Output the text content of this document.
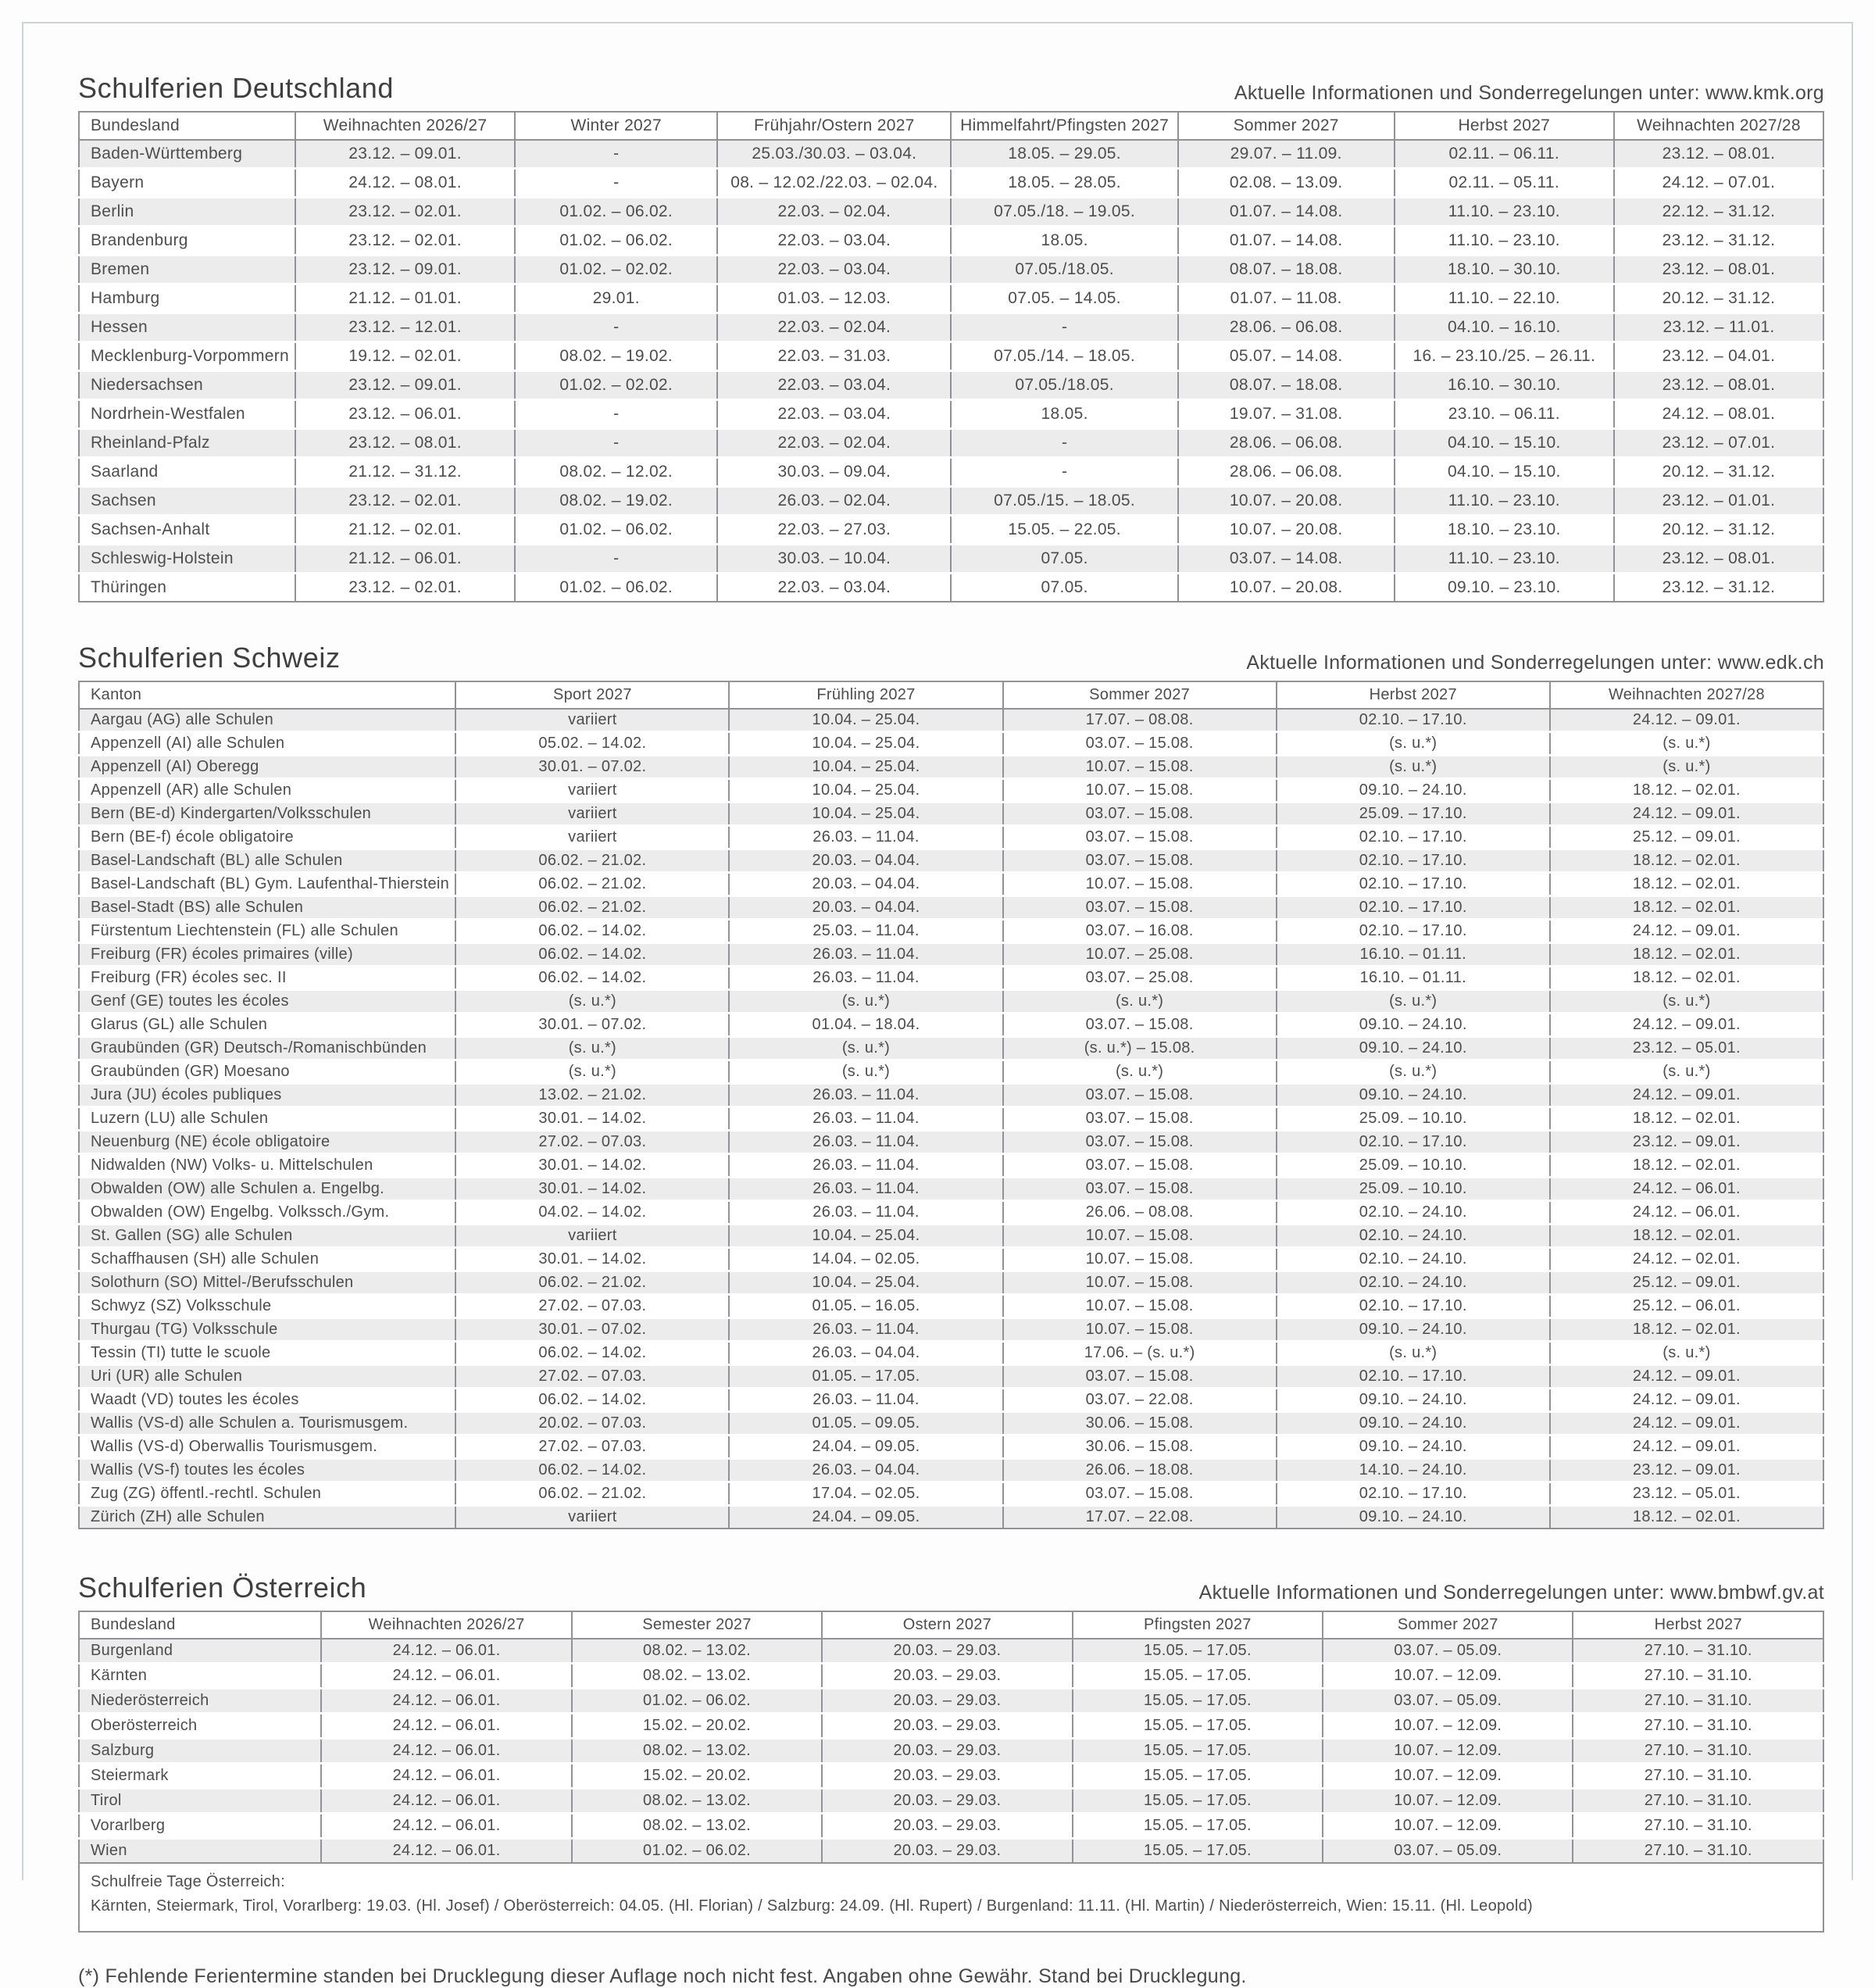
Schulferien Deutschland	Aktuelle Informationen und Sonderregelungen unter: www.kmk.org
Bundesland	Weihnachten 2026/27	Winter 2027	Frühjahr/Ostern 2027	Himmelfahrt/Pfingsten 2027	Sommer 2027	Herbst 2027	Weihnachten 2027/28
Baden-Württemberg	23.12. – 09.01.	-	25.03./30.03. – 03.04.	18.05. – 29.05.	29.07. – 11.09.	02.11. – 06.11.	23.12. – 08.01.
Bayern	24.12. – 08.01.	-	08. – 12.02./22.03. – 02.04.	18.05. – 28.05.	02.08. – 13.09.	02.11. – 05.11.	24.12. – 07.01.
Berlin	23.12. – 02.01.	01.02. – 06.02.	22.03. – 02.04.	07.05./18. – 19.05.	01.07. – 14.08.	11.10. – 23.10.	22.12. – 31.12.
Brandenburg	23.12. – 02.01.	01.02. – 06.02.	22.03. – 03.04.	18.05.	01.07. – 14.08.	11.10. – 23.10.	23.12. – 31.12.
Bremen	23.12. – 09.01.	01.02. – 02.02.	22.03. – 03.04.	07.05./18.05.	08.07. – 18.08.	18.10. – 30.10.	23.12. – 08.01.
Hamburg	21.12. – 01.01.	29.01.	01.03. – 12.03.	07.05. – 14.05.	01.07. – 11.08.	11.10. – 22.10.	20.12. – 31.12.
Hessen	23.12. – 12.01.	-	22.03. – 02.04.	-	28.06. – 06.08.	04.10. – 16.10.	23.12. – 11.01.
Mecklenburg-Vorpommern	19.12. – 02.01.	08.02. – 19.02.	22.03. – 31.03.	07.05./14. – 18.05.	05.07. – 14.08.	16. – 23.10./25. – 26.11.	23.12. – 04.01.
Niedersachsen	23.12. – 09.01.	01.02. – 02.02.	22.03. – 03.04.	07.05./18.05.	08.07. – 18.08.	16.10. – 30.10.	23.12. – 08.01.
Nordrhein-Westfalen	23.12. – 06.01.	-	22.03. – 03.04.	18.05.	19.07. – 31.08.	23.10. – 06.11.	24.12. – 08.01.
Rheinland-Pfalz	23.12. – 08.01.	-	22.03. – 02.04.	-	28.06. – 06.08.	04.10. – 15.10.	23.12. – 07.01.
Saarland	21.12. – 31.12.	08.02. – 12.02.	30.03. – 09.04.	-	28.06. – 06.08.	04.10. – 15.10.	20.12. – 31.12.
Sachsen	23.12. – 02.01.	08.02. – 19.02.	26.03. – 02.04.	07.05./15. – 18.05.	10.07. – 20.08.	11.10. – 23.10.	23.12. – 01.01.
Sachsen-Anhalt	21.12. – 02.01.	01.02. – 06.02.	22.03. – 27.03.	15.05. – 22.05.	10.07. – 20.08.	18.10. – 23.10.	20.12. – 31.12.
Schleswig-Holstein	21.12. – 06.01.	-	30.03. – 10.04.	07.05.	03.07. – 14.08.	11.10. – 23.10.	23.12. – 08.01.
Thüringen	23.12. – 02.01.	01.02. – 06.02.	22.03. – 03.04.	07.05.	10.07. – 20.08.	09.10. – 23.10.	23.12. – 31.12.
Schulferien Schweiz	Aktuelle Informationen und Sonderregelungen unter: www.edk.ch
Kanton	Sport 2027	Frühling 2027	Sommer 2027	Herbst 2027	Weihnachten 2027/28
Aargau (AG) alle Schulen	variiert	10.04. – 25.04.	17.07. – 08.08.	02.10. – 17.10.	24.12. – 09.01.
Appenzell (AI) alle Schulen	05.02. – 14.02.	10.04. – 25.04.	03.07. – 15.08.	(s. u.*)	(s. u.*)
Appenzell (AI) Oberegg	30.01. – 07.02.	10.04. – 25.04.	10.07. – 15.08.	(s. u.*)	(s. u.*)
Appenzell (AR) alle Schulen	variiert	10.04. – 25.04.	10.07. – 15.08.	09.10. – 24.10.	18.12. – 02.01.
Bern (BE-d) Kindergarten/Volksschulen	variiert	10.04. – 25.04.	03.07. – 15.08.	25.09. – 17.10.	24.12. – 09.01.
Bern (BE-f) école obligatoire	variiert	26.03. – 11.04.	03.07. – 15.08.	02.10. – 17.10.	25.12. – 09.01.
Basel-Landschaft (BL) alle Schulen	06.02. – 21.02.	20.03. – 04.04.	03.07. – 15.08.	02.10. – 17.10.	18.12. – 02.01.
Basel-Landschaft (BL) Gym. Laufenthal-Thierstein	06.02. – 21.02.	20.03. – 04.04.	10.07. – 15.08.	02.10. – 17.10.	18.12. – 02.01.
Basel-Stadt (BS) alle Schulen	06.02. – 21.02.	20.03. – 04.04.	03.07. – 15.08.	02.10. – 17.10.	18.12. – 02.01.
Fürstentum Liechtenstein (FL) alle Schulen	06.02. – 14.02.	25.03. – 11.04.	03.07. – 16.08.	02.10. – 17.10.	24.12. – 09.01.
Freiburg (FR) écoles primaires (ville)	06.02. – 14.02.	26.03. – 11.04.	10.07. – 25.08.	16.10. – 01.11.	18.12. – 02.01.
Freiburg (FR) écoles sec. II	06.02. – 14.02.	26.03. – 11.04.	03.07. – 25.08.	16.10. – 01.11.	18.12. – 02.01.
Genf (GE) toutes les écoles	(s. u.*)	(s. u.*)	(s. u.*)	(s. u.*)	(s. u.*)
Glarus (GL) alle Schulen	30.01. – 07.02.	01.04. – 18.04.	03.07. – 15.08.	09.10. – 24.10.	24.12. – 09.01.
Graubünden (GR) Deutsch-/Romanischbünden	(s. u.*)	(s. u.*)	(s. u.*) – 15.08.	09.10. – 24.10.	23.12. – 05.01.
Graubünden (GR) Moesano	(s. u.*)	(s. u.*)	(s. u.*)	(s. u.*)	(s. u.*)
Jura (JU) écoles publiques	13.02. – 21.02.	26.03. – 11.04.	03.07. – 15.08.	09.10. – 24.10.	24.12. – 09.01.
Luzern (LU) alle Schulen	30.01. – 14.02.	26.03. – 11.04.	03.07. – 15.08.	25.09. – 10.10.	18.12. – 02.01.
Neuenburg (NE) école obligatoire	27.02. – 07.03.	26.03. – 11.04.	03.07. – 15.08.	02.10. – 17.10.	23.12. – 09.01.
Nidwalden (NW) Volks- u. Mittelschulen	30.01. – 14.02.	26.03. – 11.04.	03.07. – 15.08.	25.09. – 10.10.	18.12. – 02.01.
Obwalden (OW) alle Schulen a. Engelbg.	30.01. – 14.02.	26.03. – 11.04.	03.07. – 15.08.	25.09. – 10.10.	24.12. – 06.01.
Obwalden (OW) Engelbg. Volkssch./Gym.	04.02. – 14.02.	26.03. – 11.04.	26.06. – 08.08.	02.10. – 24.10.	24.12. – 06.01.
St. Gallen (SG) alle Schulen	variiert	10.04. – 25.04.	10.07. – 15.08.	02.10. – 24.10.	18.12. – 02.01.
Schaffhausen (SH) alle Schulen	30.01. – 14.02.	14.04. – 02.05.	10.07. – 15.08.	02.10. – 24.10.	24.12. – 02.01.
Solothurn (SO) Mittel-/Berufsschulen	06.02. – 21.02.	10.04. – 25.04.	10.07. – 15.08.	02.10. – 24.10.	25.12. – 09.01.
Schwyz (SZ) Volksschule	27.02. – 07.03.	01.05. – 16.05.	10.07. – 15.08.	02.10. – 17.10.	25.12. – 06.01.
Thurgau (TG) Volksschule	30.01. – 07.02.	26.03. – 11.04.	10.07. – 15.08.	09.10. – 24.10.	18.12. – 02.01.
Tessin (TI) tutte le scuole	06.02. – 14.02.	26.03. – 04.04.	17.06. – (s. u.*)	(s. u.*)	(s. u.*)
Uri (UR) alle Schulen	27.02. – 07.03.	01.05. – 17.05.	03.07. – 15.08.	02.10. – 17.10.	24.12. – 09.01.
Waadt (VD) toutes les écoles	06.02. – 14.02.	26.03. – 11.04.	03.07. – 22.08.	09.10. – 24.10.	24.12. – 09.01.
Wallis (VS-d) alle Schulen a. Tourismusgem.	20.02. – 07.03.	01.05. – 09.05.	30.06. – 15.08.	09.10. – 24.10.	24.12. – 09.01.
Wallis (VS-d) Oberwallis Tourismusgem.	27.02. – 07.03.	24.04. – 09.05.	30.06. – 15.08.	09.10. – 24.10.	24.12. – 09.01.
Wallis (VS-f) toutes les écoles	06.02. – 14.02.	26.03. – 04.04.	26.06. – 18.08.	14.10. – 24.10.	23.12. – 09.01.
Zug (ZG) öffentl.-rechtl. Schulen	06.02. – 21.02.	17.04. – 02.05.	03.07. – 15.08.	02.10. – 17.10.	23.12. – 05.01.
Zürich (ZH) alle Schulen	variiert	24.04. – 09.05.	17.07. – 22.08.	09.10. – 24.10.	18.12. – 02.01.
Schulferien Österreich	Aktuelle Informationen und Sonderregelungen unter: www.bmbwf.gv.at
Bundesland	Weihnachten 2026/27	Semester 2027	Ostern 2027	Pfingsten 2027	Sommer 2027	Herbst 2027
Burgenland	24.12. – 06.01.	08.02. – 13.02.	20.03. – 29.03.	15.05. – 17.05.	03.07. – 05.09.	27.10. – 31.10.
Kärnten	24.12. – 06.01.	08.02. – 13.02.	20.03. – 29.03.	15.05. – 17.05.	10.07. – 12.09.	27.10. – 31.10.
Niederösterreich	24.12. – 06.01.	01.02. – 06.02.	20.03. – 29.03.	15.05. – 17.05.	03.07. – 05.09.	27.10. – 31.10.
Oberösterreich	24.12. – 06.01.	15.02. – 20.02.	20.03. – 29.03.	15.05. – 17.05.	10.07. – 12.09.	27.10. – 31.10.
Salzburg	24.12. – 06.01.	08.02. – 13.02.	20.03. – 29.03.	15.05. – 17.05.	10.07. – 12.09.	27.10. – 31.10.
Steiermark	24.12. – 06.01.	15.02. – 20.02.	20.03. – 29.03.	15.05. – 17.05.	10.07. – 12.09.	27.10. – 31.10.
Tirol	24.12. – 06.01.	08.02. – 13.02.	20.03. – 29.03.	15.05. – 17.05.	10.07. – 12.09.	27.10. – 31.10.
Vorarlberg	24.12. – 06.01.	08.02. – 13.02.	20.03. – 29.03.	15.05. – 17.05.	10.07. – 12.09.	27.10. – 31.10.
Wien	24.12. – 06.01.	01.02. – 06.02.	20.03. – 29.03.	15.05. – 17.05.	03.07. – 05.09.	27.10. – 31.10.

Schulfreie Tage Österreich:
Kärnten, Steiermark, Tirol, Vorarlberg: 19.03. (Hl. Josef) / Oberösterreich: 04.05. (Hl. Florian) / Salzburg: 24.09. (Hl. Rupert) / Burgenland: 11.11. (Hl. Martin) / Niederösterreich, Wien: 15.11. (Hl. Leopold)						

(*) Fehlende Ferientermine standen bei Drucklegung dieser Auflage noch nicht fest. Angaben ohne Gewähr. Stand bei Drucklegung.
